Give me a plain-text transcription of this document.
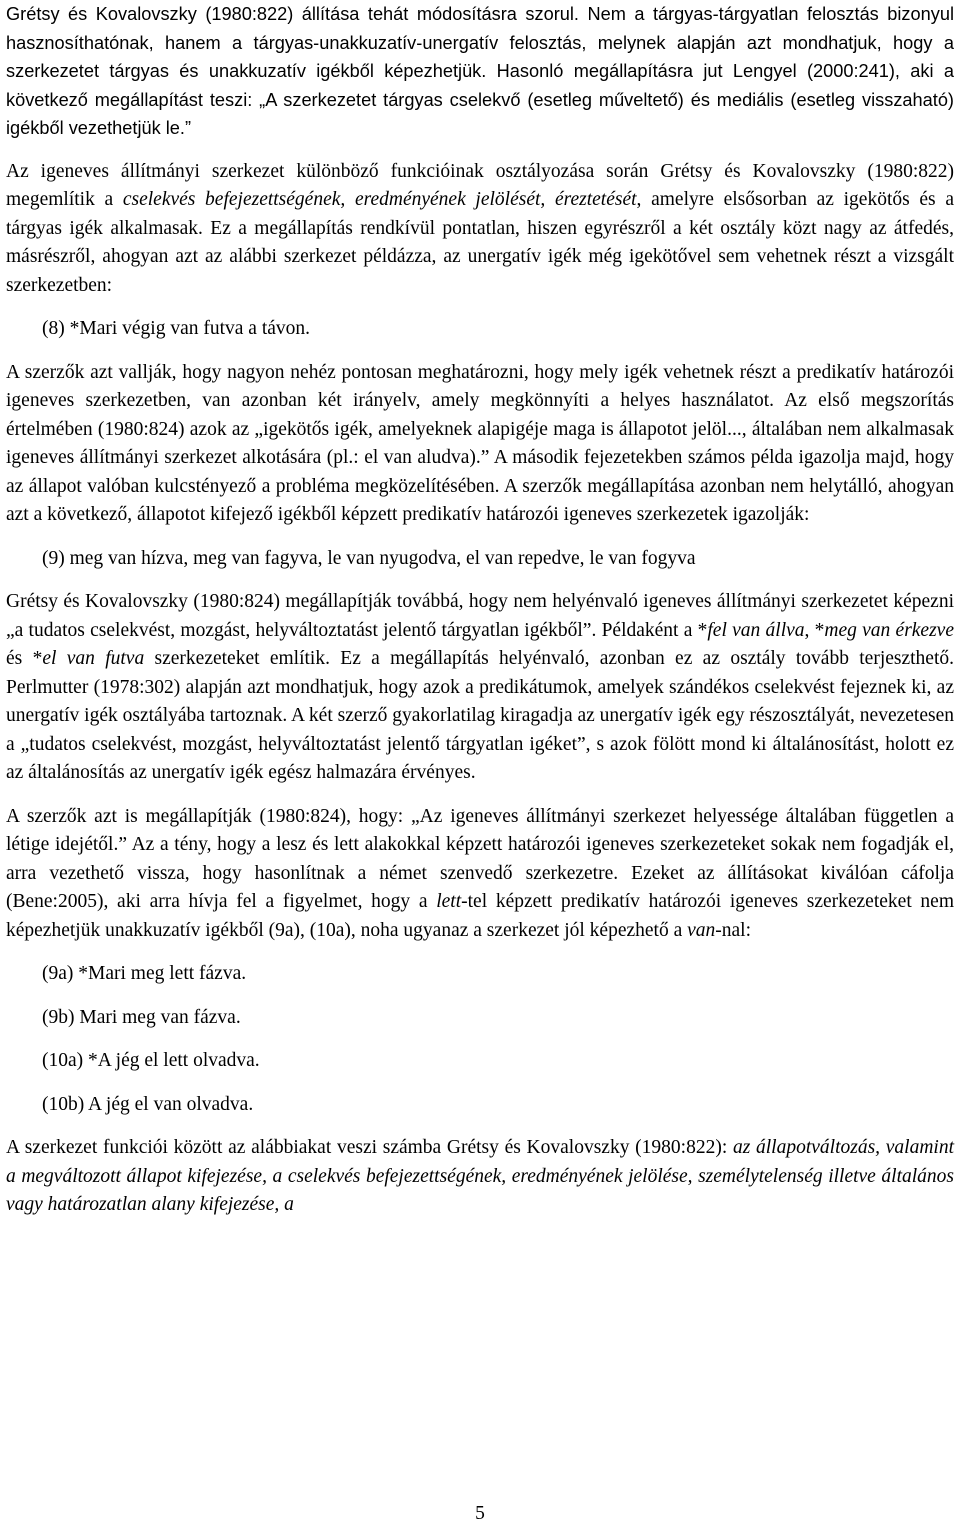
Grétsy és Kovalovszky (1980:822) állítása tehát módosításra szorul. Nem a tárgyas-tárgyatlan felosztás bizonyul hasznosíthatónak, hanem a tárgyas-unakkuzatív-unergatív felosztás, melynek alapján azt mondhatjuk, hogy a szerkezetet tárgyas és unakkuzatív igékből képezhetjük. Hasonló megállapításra jut Lengyel (2000:241), aki a következő megállapítást teszi: „A szerkezetet tárgyas cselekvő (esetleg műveltető) és mediális (esetleg visszaható) igékből vezethetjük le.”

Az igeneves állítmányi szerkezet különböző funkcióinak osztályozása során Grétsy és Kovalovszky (1980:822) megemlítik a cselekvés befejezettségének, eredményének jelölését, éreztetését, amelyre elsősorban az igekötős és a tárgyas igék alkalmasak. Ez a megállapítás rendkívül pontatlan, hiszen egyrészről a két osztály közt nagy az átfedés, másrészről, ahogyan azt az alábbi szerkezet példázza, az unergatív igék még igekötővel sem vehetnek részt a vizsgált szerkezetben:

(8) *Mari végig van futva a távon.

A szerzők azt vallják, hogy nagyon nehéz pontosan meghatározni, hogy mely igék vehetnek részt a predikatív határozói igeneves szerkezetben, van azonban két irányelv, amely megkönnyíti a helyes használatot. Az első megszorítás értelmében (1980:824) azok az „igekötős igék, amelyeknek alapigéje maga is állapotot jelöl..., általában nem alkalmasak igeneves állítmányi szerkezet alkotására (pl.: el van aludva).” A második fejezetekben számos példa igazolja majd, hogy az állapot valóban kulcstényező a probléma megközelítésében. A szerzők megállapítása azonban nem helytálló, ahogyan azt a következő, állapotot kifejező igékből képzett predikatív határozói igeneves szerkezetek igazolják:

(9) meg van hízva, meg van fagyva, le van nyugodva, el van repedve, le van fogyva

Grétsy és Kovalovszky (1980:824) megállapítják továbbá, hogy nem helyénvaló igeneves állítmányi szerkezetet képezni „a tudatos cselekvést, mozgást, helyváltoztatást jelentő tárgyatlan igékből”. Példaként a *fel van állva, *meg van érkezve és *el van futva szerkezeteket említik. Ez a megállapítás helyénvaló, azonban ez az osztály tovább terjeszthető. Perlmutter (1978:302) alapján azt mondhatjuk, hogy azok a predikátumok, amelyek szándékos cselekvést fejeznek ki, az unergatív igék osztályába tartoznak. A két szerző gyakorlatilag kiragadja az unergatív igék egy részosztályát, nevezetesen a „tudatos cselekvést, mozgást, helyváltoztatást jelentő tárgyatlan igéket”, s azok fölött mond ki általánosítást, holott ez az általánosítás az unergatív igék egész halmazára érvényes.

A szerzők azt is megállapítják (1980:824), hogy: „Az igeneves állítmányi szerkezet helyessége általában független a létige idejétől.” Az a tény, hogy a lesz és lett alakokkal képzett határozói igeneves szerkezeteket sokak nem fogadják el, arra vezethető vissza, hogy hasonlítnak a német szenvedő szerkezetre. Ezeket az állításokat kiválóan cáfolja (Bene:2005), aki arra hívja fel a figyelmet, hogy a lett-tel képzett predikatív határozói igeneves szerkezeteket nem képezhetjük unakkuzatív igékből (9a), (10a), noha ugyanaz a szerkezet jól képezhető a van-nal:

(9a) *Mari meg lett fázva.

(9b) Mari meg van fázva.

(10a) *A jég el lett olvadva.

(10b) A jég el van olvadva.

A szerkezet funkciói között az alábbiakat veszi számba Grétsy és Kovalovszky (1980:822): az állapotváltozás, valamint a megváltozott állapot kifejezése, a cselekvés befejezettségének, eredményének jelölése, személytelenség illetve általános vagy határozatlan alany kifejezése, a

5
